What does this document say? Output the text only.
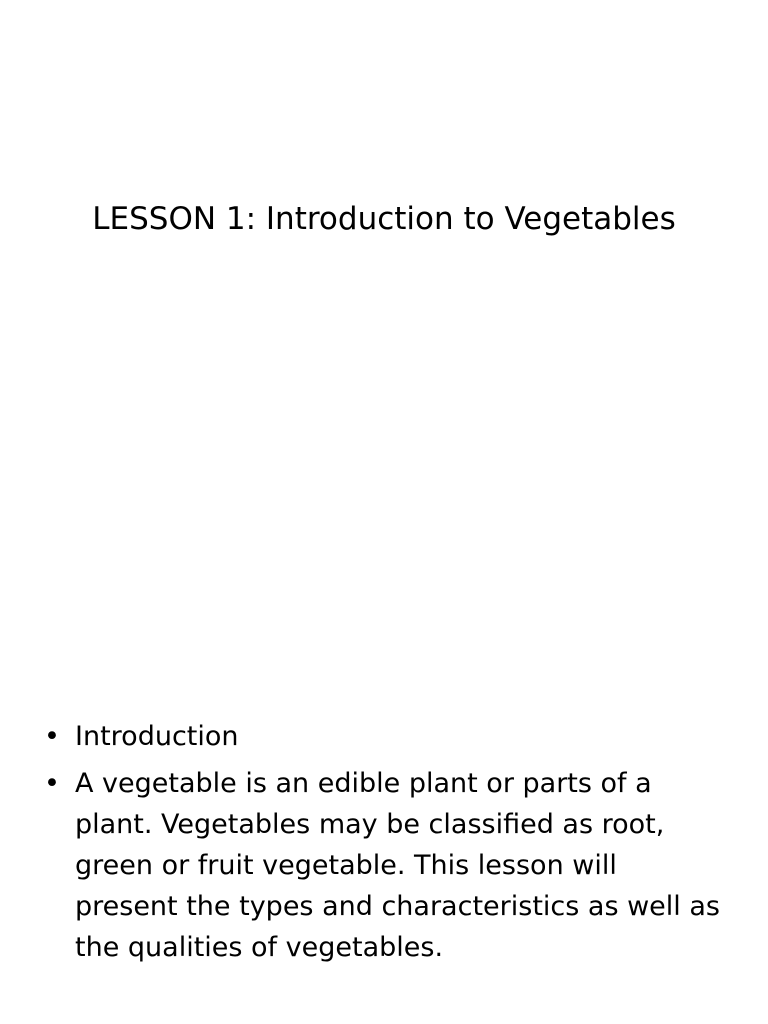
LESSON 1: Introduction to Vegetables
• Introduction
• A vegetable is an edible plant or parts of a plant. Vegetables may be classified as root, green or fruit vegetable. This lesson will present the types and characteristics as well as the qualities of vegetables.
